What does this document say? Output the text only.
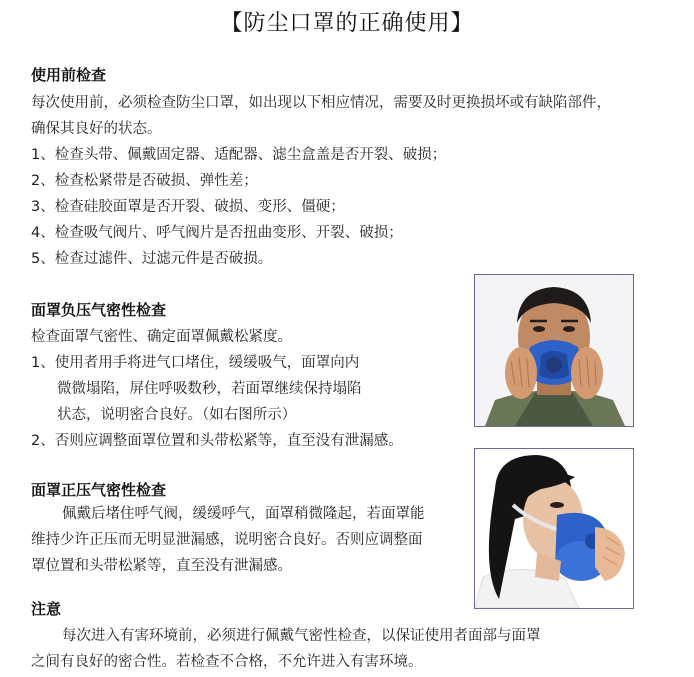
【防尘口罩的正确使用】
使用前检查
每次使用前，必须检查防尘口罩，如出现以下相应情况，需要及时更换损坏或有缺陷部件，
确保其良好的状态。
1、检查头带、佩戴固定器、适配器、滤尘盒盖是否开裂、破损；
2、检查松紧带是否破损、弹性差；
3、检查硅胶面罩是否开裂、破损、变形、僵硬；
4、检查吸气阀片、呼气阀片是否扭曲变形、开裂、破损；
5、检查过滤件、过滤元件是否破损。
面罩负压气密性检查
检查面罩气密性、确定面罩佩戴松紧度。
1、使用者用手将进气口堵住，缓缓吸气，面罩向内
微微塌陷，屏住呼吸数秒，若面罩继续保持塌陷
状态，说明密合良好。（如右图所示）
2、否则应调整面罩位置和头带松紧等，直至没有泄漏感。
面罩正压气密性检查
佩戴后堵住呼气阀，缓缓呼气，面罩稍微隆起，若面罩能
维持少许正压而无明显泄漏感，说明密合良好。否则应调整面
罩位置和头带松紧等，直至没有泄漏感。
注意
每次进入有害环境前，必须进行佩戴气密性检查，以保证使用者面部与面罩
之间有良好的密合性。若检查不合格，不允许进入有害环境。
